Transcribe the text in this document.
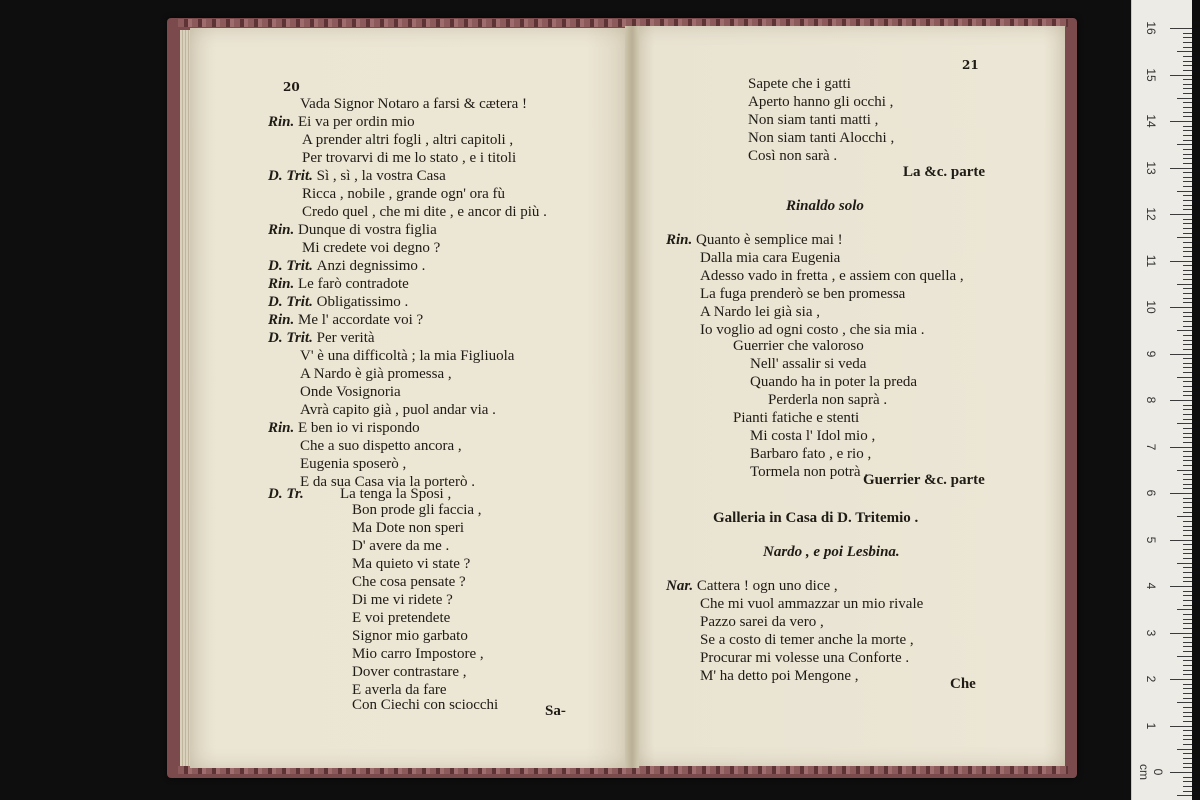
20
21
Vada Signor Notaro a farsi & cætera !
Rin. Ei va per ordin mio
A prender altri fogli , altri capitoli ,
Per trovarvi di me lo stato , e i titoli
D. Trit. Sì , sì , la vostra Casa
Ricca , nobile , grande ogn' ora fù
Credo quel , che mi dite , e ancor di più .
Rin. Dunque di vostra figlia
Mi credete voi degno ?
D. Trit. Anzi degnissimo .
Rin. Le farò contradote
D. Trit. Obligatissimo .
Rin. Me l' accordate voi ?
D. Trit. Per verità
V' è una difficoltà ; la mia Figliuola
A Nardo è già promessa ,
Onde Vosignoria
Avrà capito già , puol andar via .
Rin. E ben io vi rispondo
Che a suo dispetto ancora ,
Eugenia sposerò ,
E da sua Casa via la porterò .
D. Tr.La tenga la Sposi ,
Bon prode gli faccia ,
Ma Dote non speri
D' avere da me .
Ma quieto vi state ?
Che cosa pensate ?
Di me vi ridete ?
E voi pretendete
Signor mio garbato
Mio carro Impostore ,
Dover contrastare ,
E averla da fare
Con Ciechi con sciocchi
Sapete che i gatti
Aperto hanno gli occhi ,
Non siam tanti matti ,
Non siam tanti Alocchi ,
Così non sarà .
La &c. parte
Rinaldo solo
Rin. Quanto è semplice mai !
Dalla mia cara Eugenia
Adesso vado in fretta , e assiem con quella ,
La fuga prenderò se ben promessa
A Nardo lei già sia ,
Io voglio ad ogni costo , che sia mia .
Guerrier che valoroso
Nell' assalir si veda
Quando ha in poter la preda
Perderla non saprà .
Pianti fatiche e stenti
Mi costa l' Idol mio ,
Barbaro fato , e rio ,
Tormela non potrà .
Guerrier &c. parte
Galleria in Casa di D. Tritemio .
Nardo , e poi Lesbina.
Nar. Cattera ! ogn uno dice ,
Che mi vuol ammazzar un mio rivale
Pazzo sarei da vero ,
Se a costo di temer anche la morte ,
Procurar mi volesse una Conforte .
M' ha detto poi Mengone ,
Sa-
Che
16
15
14
13
12
11
10
9
8
7
6
5
4
3
2
1
0 cm
